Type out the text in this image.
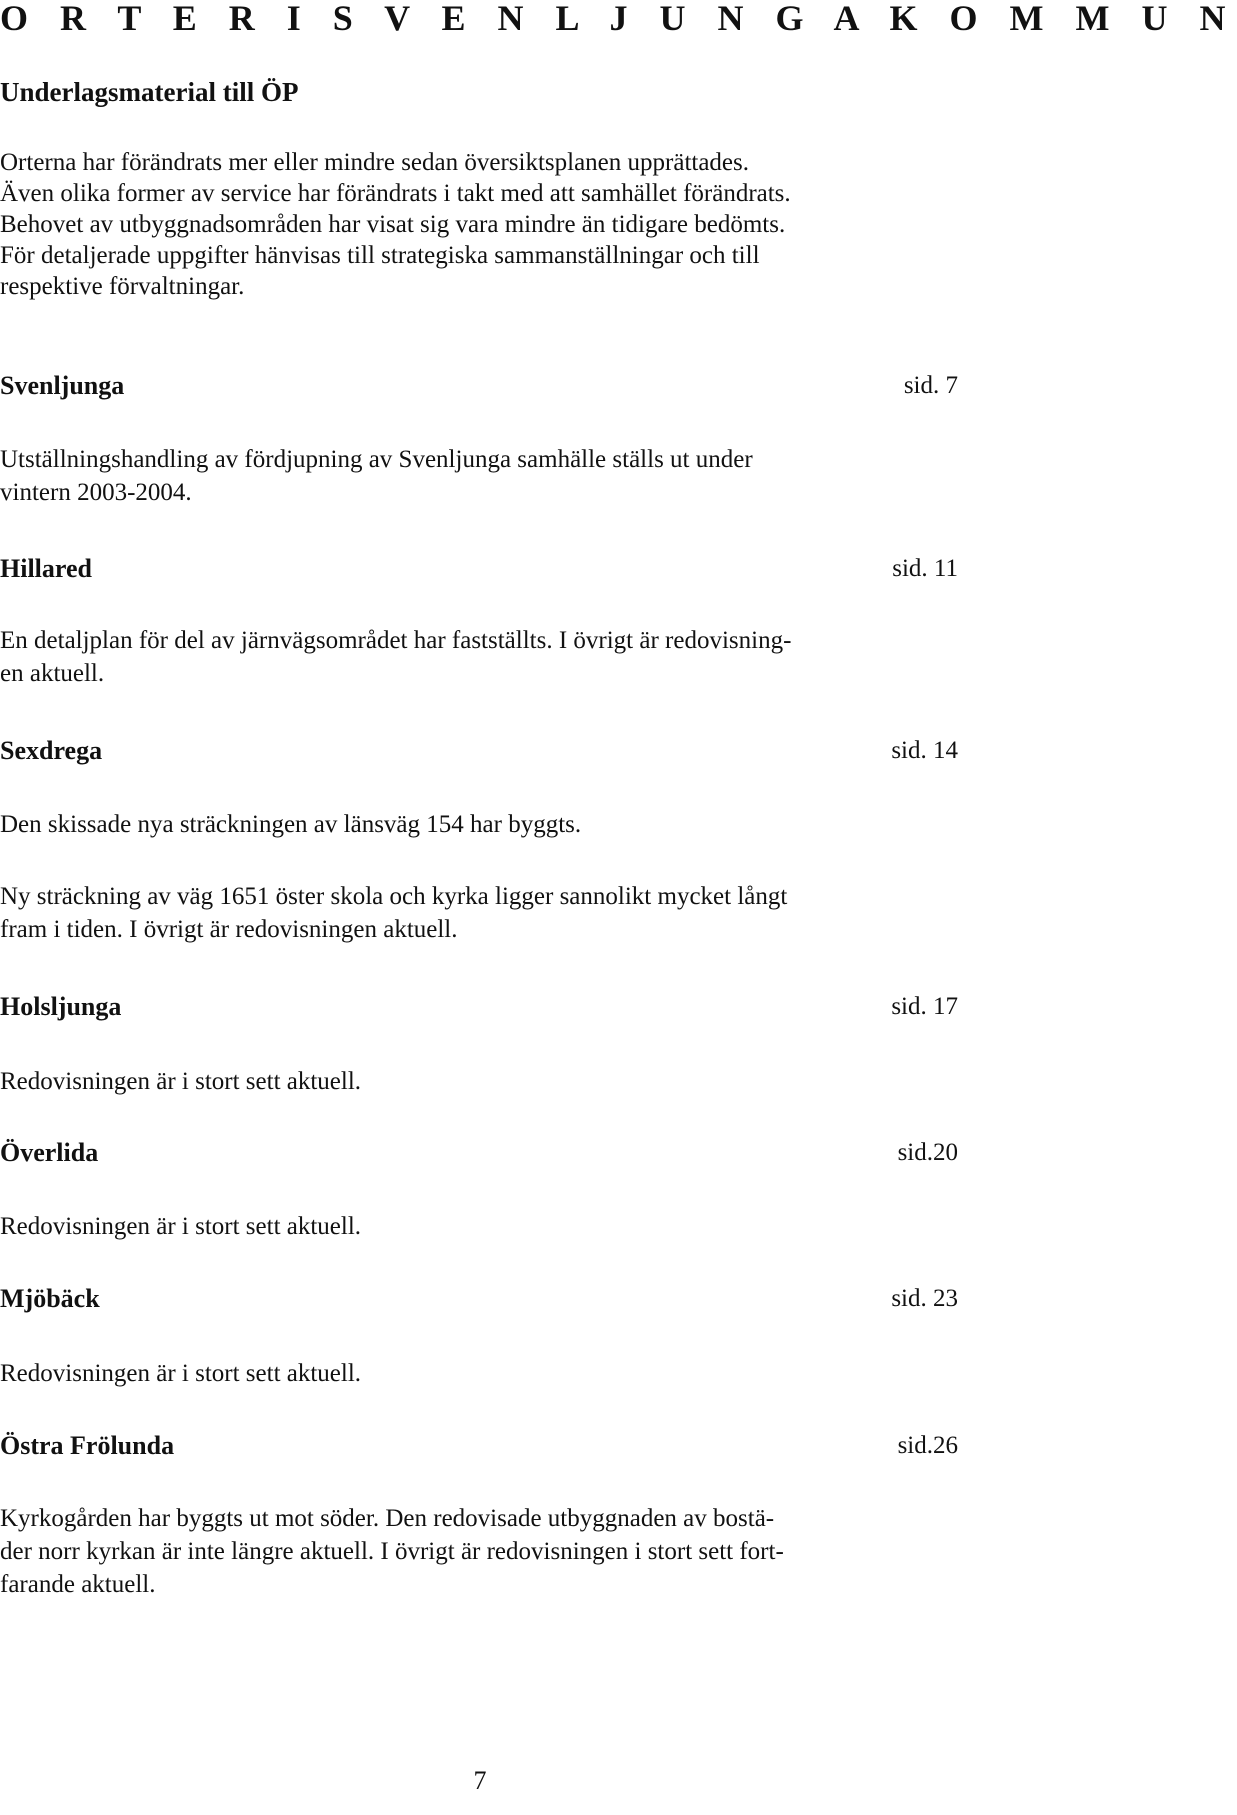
O R T E R I S V E N L J U N G A K O M M U N
Underlagsmaterial till ÖP
Orterna har förändrats mer eller mindre sedan översiktsplanen upprättades.
Även olika former av service har förändrats i takt med att samhället förändrats.
Behovet av utbyggnadsområden har visat sig vara mindre än tidigare bedömts.
För detaljerade uppgifter hänvisas till strategiska sammanställningar och till
respektive förvaltningar.
Svenljunga	sid. 7
Utställningshandling av fördjupning av Svenljunga samhälle ställs ut under
vintern 2003-2004.
Hillared	sid. 11
En detaljplan för del av järnvägsområdet har fastställts. I övrigt är redovisning-
en aktuell.
Sexdrega	sid. 14
Den skissade nya sträckningen av länsväg 154 har byggts.
Ny sträckning av väg 1651 öster skola och kyrka ligger sannolikt mycket långt
fram i tiden. I övrigt är redovisningen aktuell.
Holsljunga	sid. 17
Redovisningen är i stort sett aktuell.
Överlida	sid.20
Redovisningen är i stort sett aktuell.
Mjöbäck	sid. 23
Redovisningen är i stort sett aktuell.
Östra Frölunda	sid.26
Kyrkogården har byggts ut mot söder. Den redovisade utbyggnaden av bostä-
der norr kyrkan är inte längre aktuell. I övrigt är redovisningen i stort sett fort-
farande aktuell.
7
